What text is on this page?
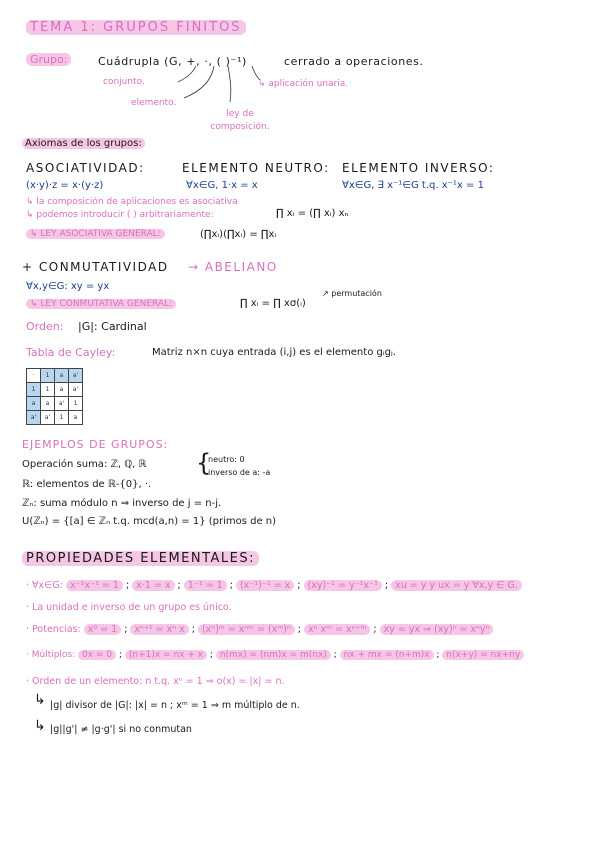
TEMA 1: GRUPOS FINITOS
Grupo:	Cuádrupla (G, +, ·, ( )⁻¹)	cerrado a operaciones.
conjunto.
elemento.
ley de composición.
↳ aplicación unaria.
Axiomas de los grupos:
ASOCIATIVIDAD:	ELEMENTO NEUTRO: ELEMENTO INVERSO:
(x·y)·z = x·(y·z)	∀x∈G, 1·x = x	∀x∈G, ∃ x⁻¹∈G t.q. x⁻¹x = 1
↳ la composición de aplicaciones es asociativa
↳ podemos introducir ( ) arbitrariamente:	∏ xᵢ = (∏ xᵢ) xₙ
↳ LEY ASOCIATIVA GENERAL:	(∏xᵢ)(∏xᵢ) = ∏xᵢ
+ CONMUTATIVIDAD → ABELIANO
∀x,y∈G: xy = yx
↳ LEY CONMUTATIVA GENERAL:	∏ xᵢ = ∏ xσ(ᵢ)
↗ permutación
Orden: |G|: Cardinal
Tabla de Cayley:	Matriz n×n cuya entrada (i,j) es el elemento gᵢgⱼ.
·	1	a	a'
1	1	a	a'
a	a	a'	1
a'	a'	1	a
EJEMPLOS DE GRUPOS:
Operación suma: ℤ, ℚ, ℝ {
neutro: 0
inverso de a: -a
ℝ: elementos de ℝ-{0}, ·.
ℤₙ: suma módulo n ⇒ inverso de j = n-j.
U(ℤₙ) = {[a] ∈ ℤₙ t.q. mcd(a,n) = 1} (primos de n)
PROPIEDADES ELEMENTALES:
· ∀x∈G: x⁻¹x⁻¹ = 1 ; x·1 = x ; 1⁻¹ = 1 ; (x⁻¹)⁻¹ = x ; (xy)⁻¹ = y⁻¹x⁻¹ ; xu = y y ux = y ∀x,y ∈ G.
· La unidad e inverso de un grupo es único.
· Potencias: x⁰ = 1 ; xⁿ⁺¹ = xⁿ x ; (xⁿ)ᵐ = xⁿᵐ = (xᵐ)ⁿ ; xⁿ xᵐ = xⁿ⁺ᵐ ; xy = yx ⇒ (xy)ⁿ = xⁿyⁿ
· Múltiplos: 0x = 0 ; (n+1)x = nx + x ; n(mx) = (nm)x = m(nx) ; nx + mx = (n+m)x ; n(x+y) = nx+ny
· Orden de un elemento: n t.q. xⁿ = 1 ⇒ o(x) = |x| = n.
↳ |g| divisor de |G|: |x| = n ; xᵐ = 1 ⇒ m múltiplo de n.
↳ |g||g'| ≠ |g·g'| si no conmutan
